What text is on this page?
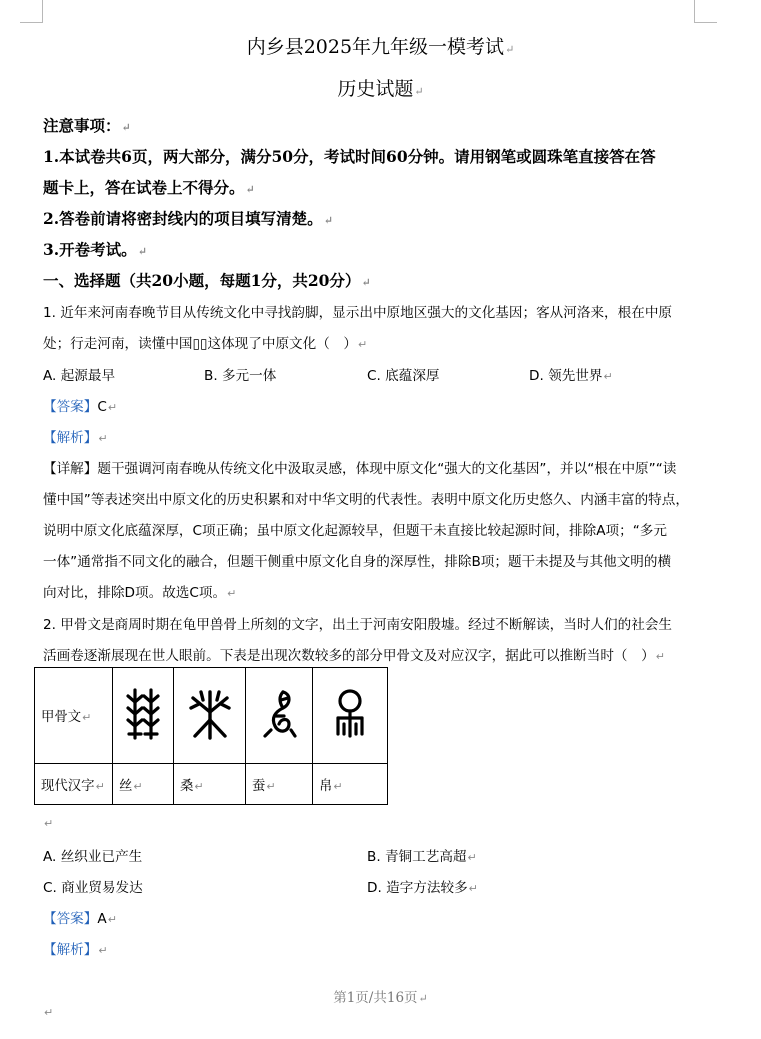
内乡县2025年九年级一模考试↵
历史试题↵
注意事项：↵
1.本试卷共6页，两大部分，满分50分，考试时间60分钟。请用钢笔或圆珠笔直接答在答
题卡上，答在试卷上不得分。↵
2.答卷前请将密封线内的项目填写清楚。↵
3.开卷考试。↵
一、选择题（共20小题，每题1分，共20分）↵
1. 近年来河南春晚节目从传统文化中寻找韵脚，显示出中原地区强大的文化基因；客从河洛来，根在中原
处；行走河南，读懂中国▯▯这体现了中原文化（　）↵
A. 起源最早	B. 多元一体	C. 底蕴深厚	D. 领先世界↵
【答案】C↵
【解析】↵
【详解】题干强调河南春晚从传统文化中汲取灵感，体现中原文化“强大的文化基因”，并以“根在中原”“读
懂中国”等表述突出中原文化的历史积累和对中华文明的代表性。表明中原文化历史悠久、内涵丰富的特点，
说明中原文化底蕴深厚，C项正确；虽中原文化起源较早，但题干未直接比较起源时间，排除A项；“多元
一体”通常指不同文化的融合，但题干侧重中原文化自身的深厚性，排除B项；题干未提及与其他文明的横
向对比，排除D项。故选C项。↵
2. 甲骨文是商周时期在龟甲兽骨上所刻的文字，出土于河南安阳殷墟。经过不断解读，当时人们的社会生
活画卷逐渐展现在世人眼前。下表是出现次数较多的部分甲骨文及对应汉字，据此可以推断当时（　）↵
甲骨文↵				
现代汉字↵	丝↵	桑↵	蚕↵	帛↵
↵
A. 丝织业已产生	B. 青铜工艺高超↵
C. 商业贸易发达	D. 造字方法较多↵
【答案】A↵
【解析】↵
第1页/共16页↵
↵
